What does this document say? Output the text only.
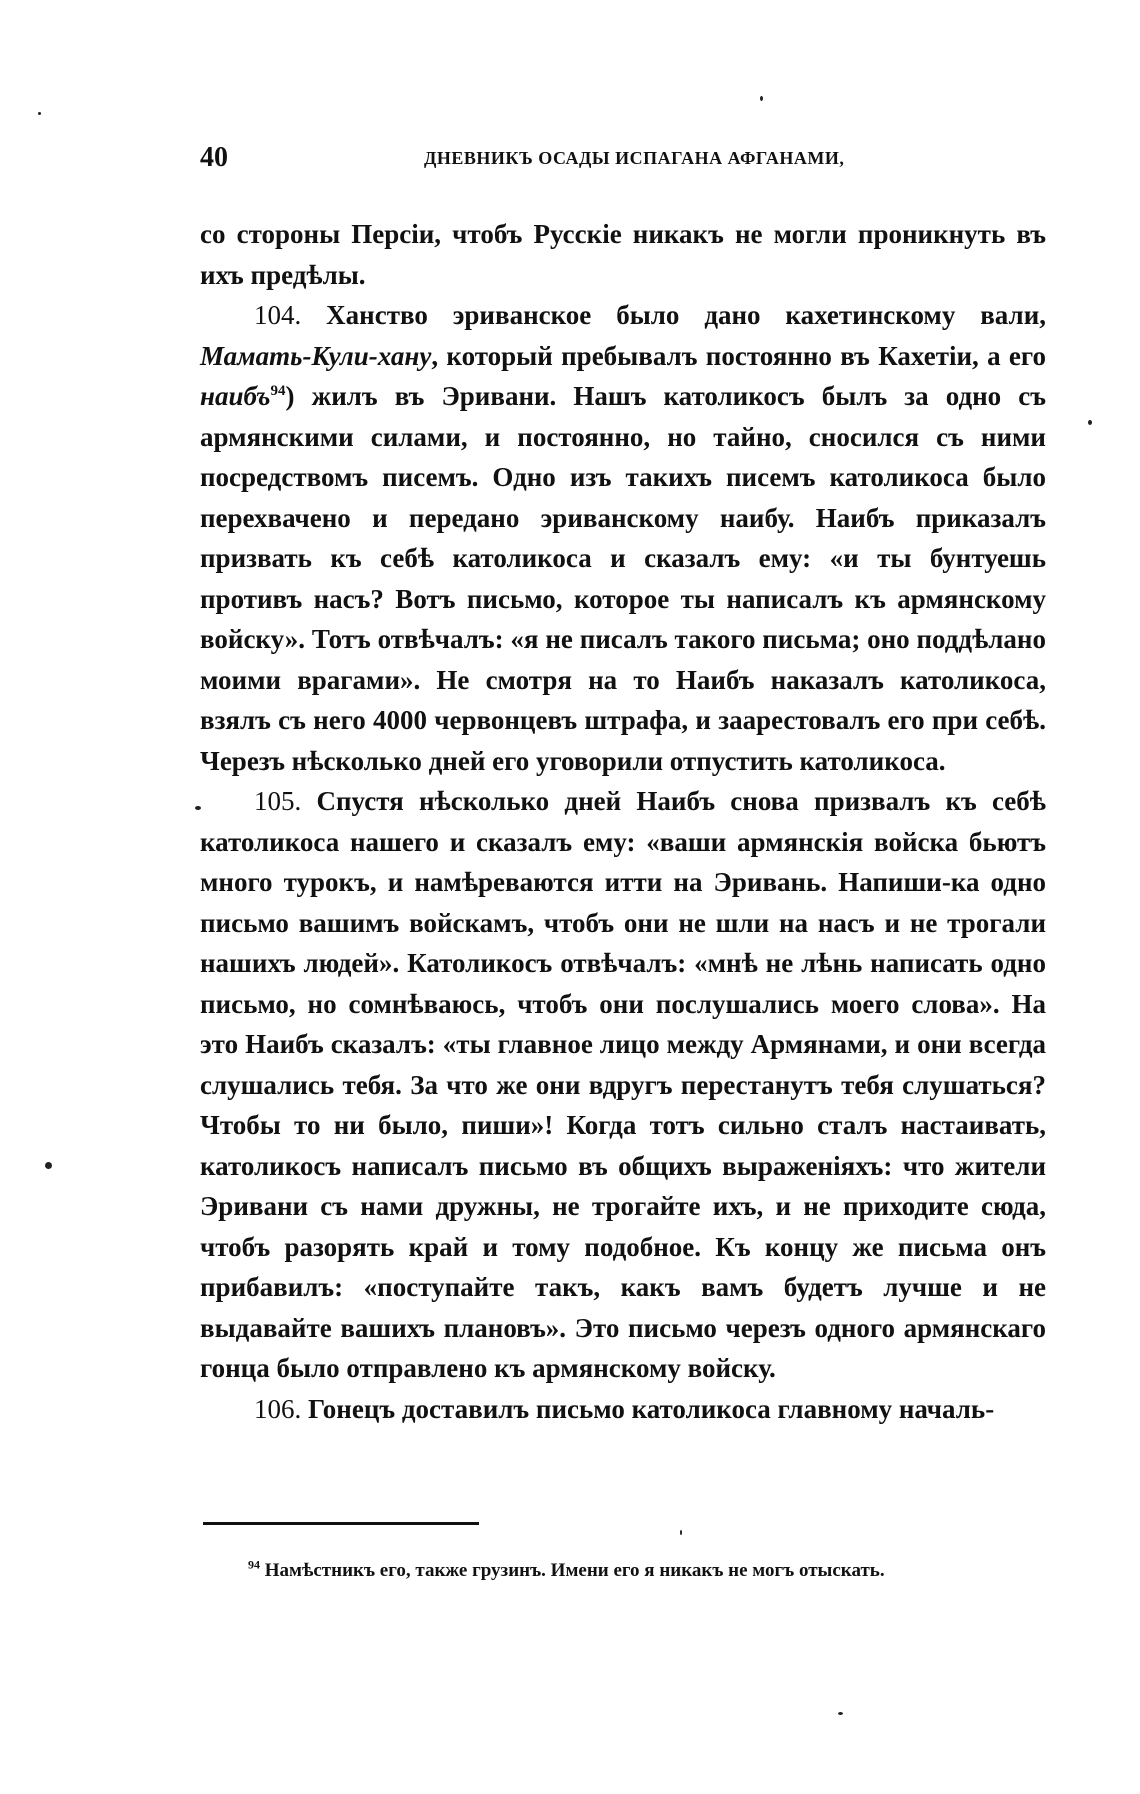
40	ДНЕВНИКЪ ОСАДЫ ИСПАГАНА АФГАНАМИ,

со стороны Персіи, чтобъ Русскіе никакъ не могли проникнуть въ ихъ предѣлы.

104. Ханство эриванское было дано кахетинскому вали, Мамать-Кули-хану, который пребывалъ постоянно въ Кахетіи, а его наибъ$^{94}$) жилъ въ Эривани. Нашъ католикосъ былъ за одно съ армянскими силами, и постоянно, но тайно, сносился съ ними посредствомъ писемъ. Одно изъ такихъ писемъ католикоса было перехвачено и передано эриванскому наибу. Наибъ приказалъ призвать къ себѣ католикоса и сказалъ ему: «и ты бунтуешь противъ насъ? Вотъ письмо, которое ты написалъ къ армянскому войску». Тотъ отвѣчалъ: «я не писалъ такого письма; оно поддѣлано моими врагами». Не смотря на то Наибъ наказалъ католикоса, взялъ съ него 4000 червонцевъ штрафа, и заарестовалъ его при себѣ. Черезъ нѣсколько дней его уговорили отпустить католикоса.

105. Спустя нѣсколько дней Наибъ снова призвалъ къ себѣ католикоса нашего и сказалъ ему: «ваши армянскія войска бьютъ много турокъ, и намѣреваются итти на Эривань. Напиши-ка одно письмо вашимъ войскамъ, чтобъ они не шли на насъ и не трогали нашихъ людей». Католикосъ отвѣчалъ: «мнѣ не лѣнь написать одно письмо, но сомнѣваюсь, чтобъ они послушались моего слова». На это Наибъ сказалъ: «ты главное лицо между Армянами, и они всегда слушались тебя. За что же они вдругъ перестанутъ тебя слушаться? Чтобы то ни было, пиши»! Когда тотъ сильно сталъ настаивать, католикосъ написалъ письмо въ общихъ выраженіяхъ: что жители Эривани съ нами дружны, не трогайте ихъ, и не приходите сюда, чтобъ разорять край и тому подобное. Къ концу же письма онъ прибавилъ: «поступайте такъ, какъ вамъ будетъ лучше и не выдавайте вашихъ плановъ». Это письмо черезъ одного армянскаго гонца было отправлено къ армянскому войску.

106. Гонецъ доставилъ письмо католикоса главному началь-

$^{94}$ Намѣстникъ его, также грузинъ. Имени его я никакъ не могъ отыскать.
